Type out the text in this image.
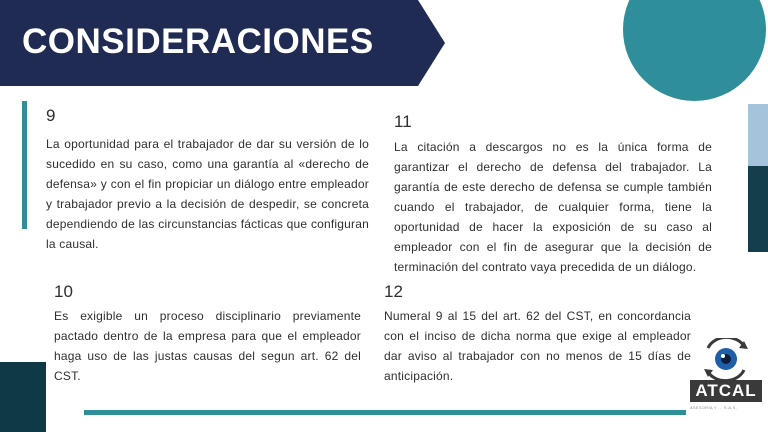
CONSIDERACIONES
9

La oportunidad para el trabajador de dar su versión de lo sucedido en su caso, como una garantía al «derecho de defensa» y con el fin propiciar un diálogo entre empleador y trabajador previo a la decisión de despedir, se concreta dependiendo de las circunstancias fácticas que configuran la causal.

11

La citación a descargos no es la única forma de garantizar el derecho de defensa del trabajador. La garantía de este derecho de defensa se cumple también cuando el trabajador, de cualquier forma, tiene la oportunidad de hacer la exposición de su caso al empleador con el fin de asegurar que la decisión de terminación del contrato vaya precedida de un diálogo.

10

Es exigible un proceso disciplinario previamente pactado dentro de la empresa para que el empleador haga uso de las justas causas del segun art. 62 del CST.

12

Numeral 9 al 15 del art. 62 del CST, en concordancia con el inciso de dicha norma que exige al empleador dar aviso al trabajador con no menos de 15 días de anticipación.

ATCAL
ASESORÍA Y ... S.A.S.
